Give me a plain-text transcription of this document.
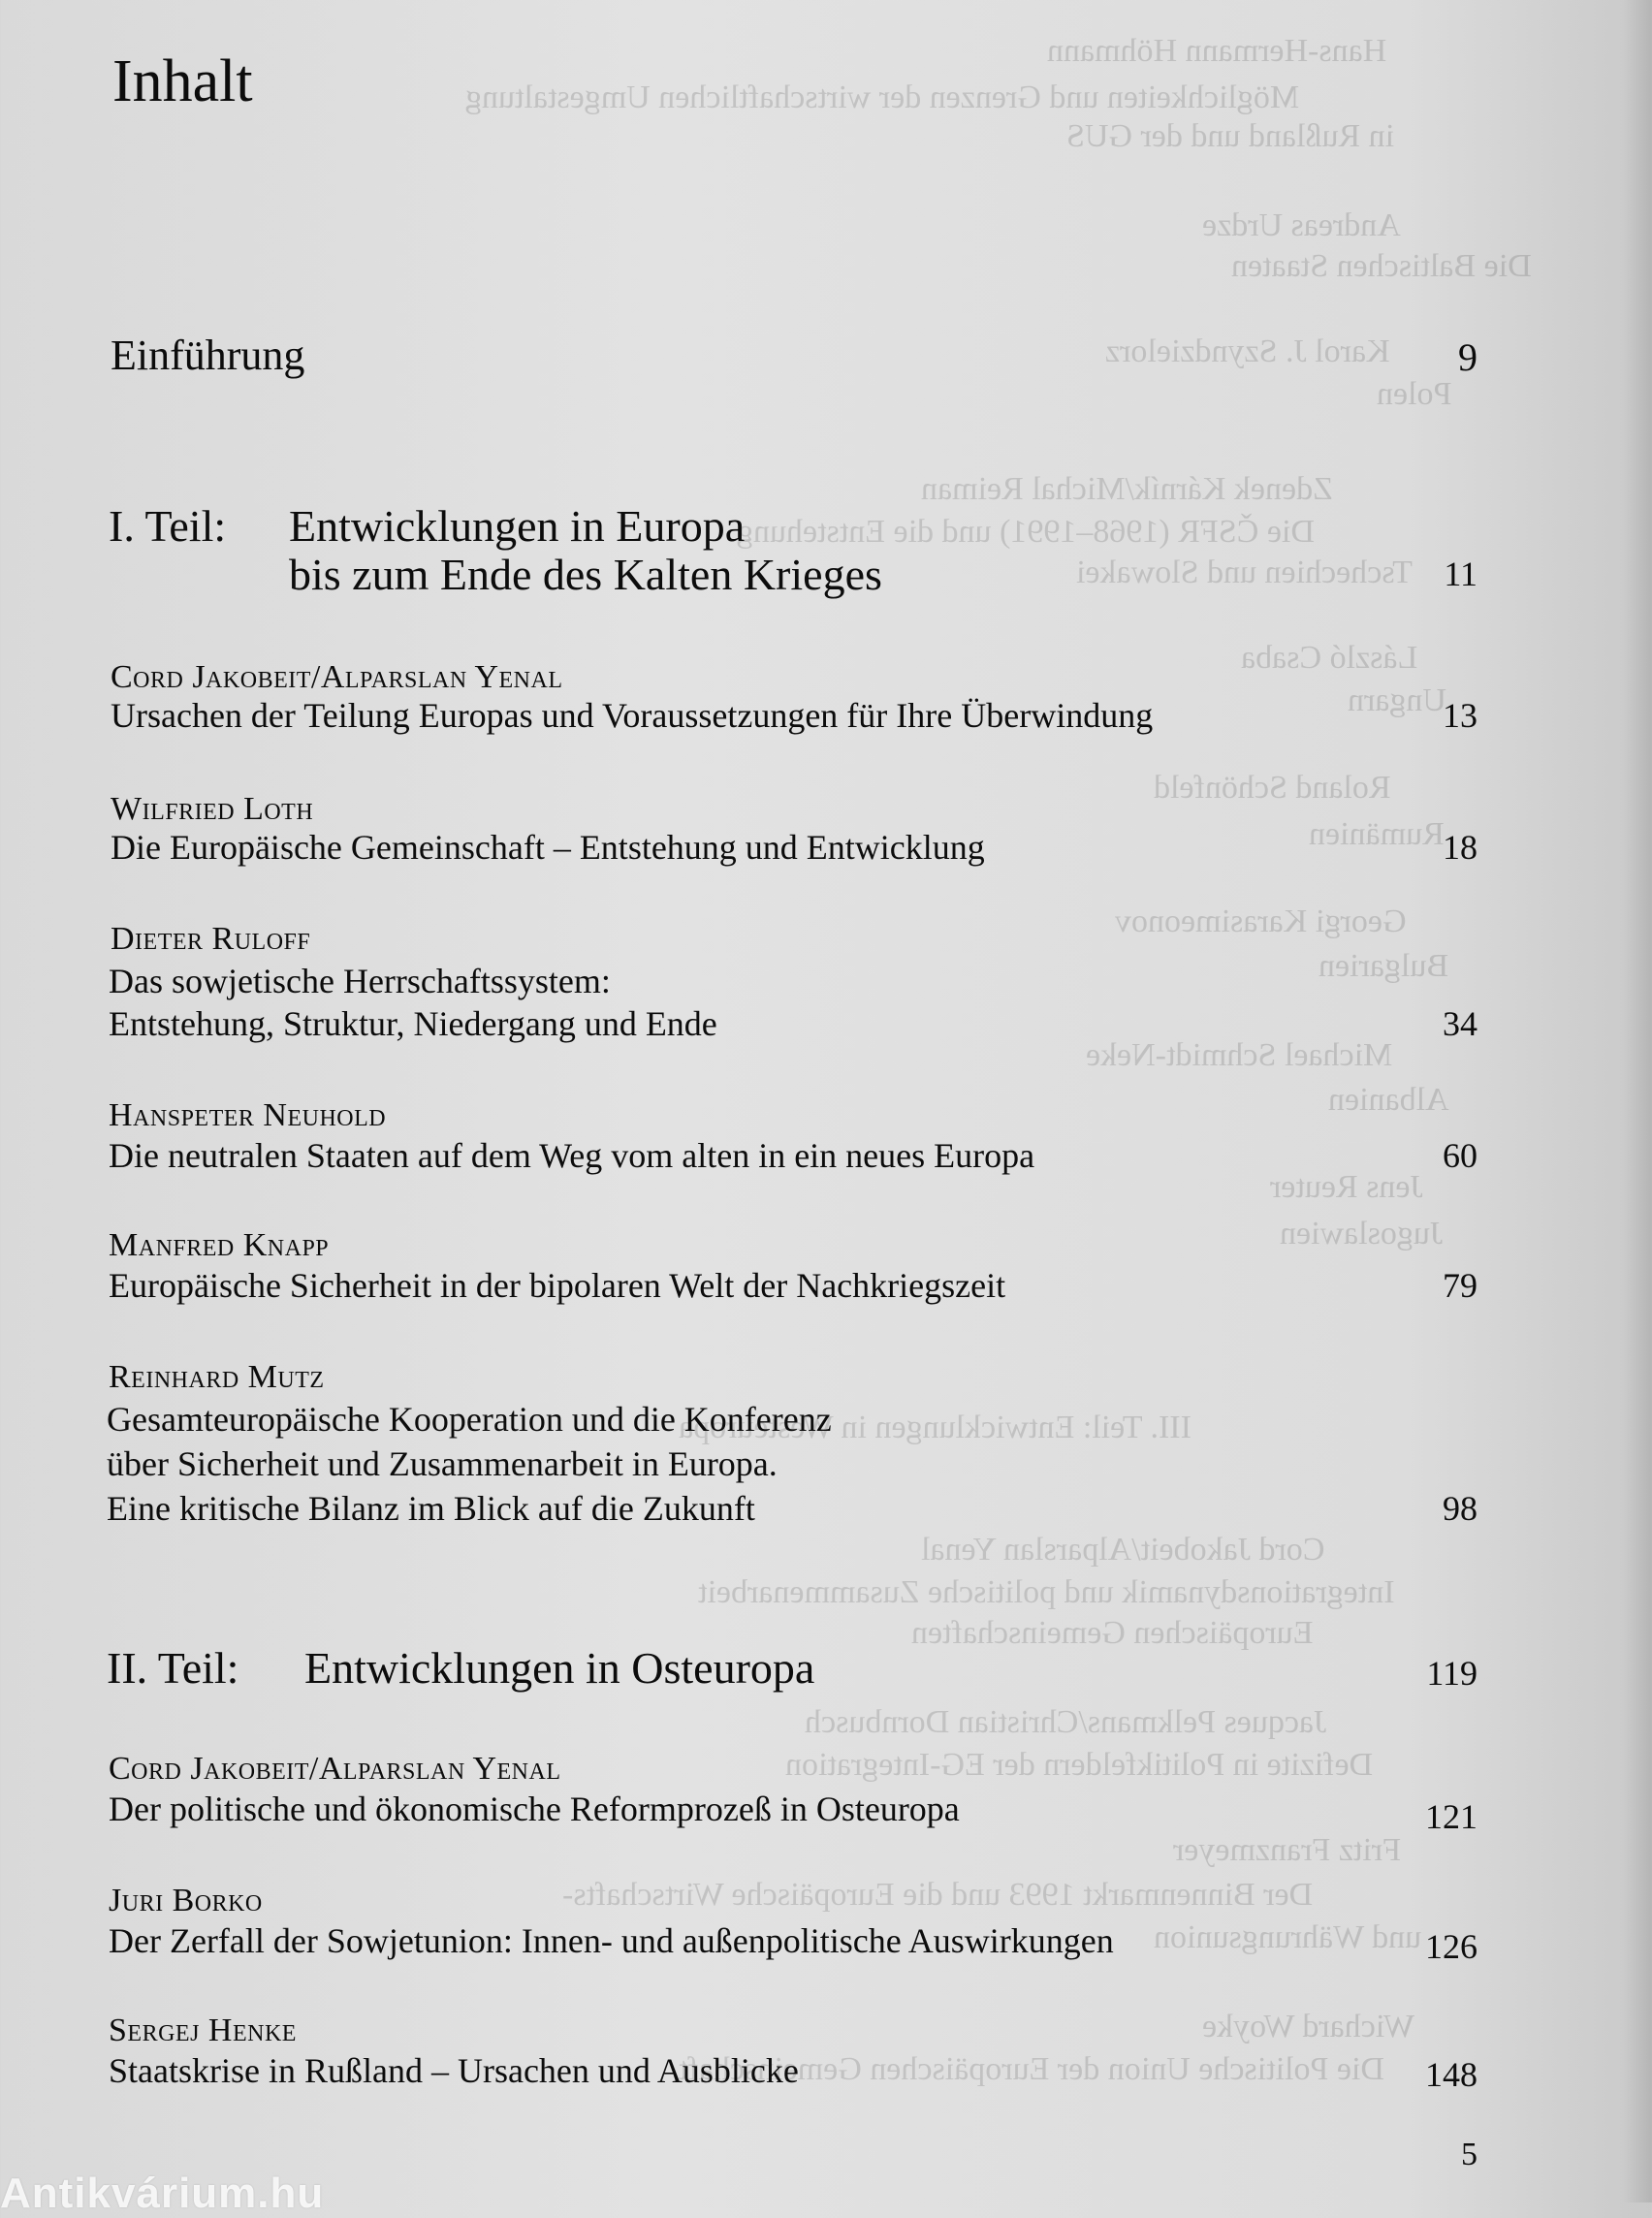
Hans-Hermann Höhmann
Möglichkeiten und Grenzen der wirtschaftlichen Umgestaltung
in Rußland und der GUS
Andreas Urdze
Die Baltischen Staaten
Karol J. Szyndzielorz
Polen
Zdenek Kárník/Michal Reiman
Die ČSFR (1968–1991) und die Entstehung
Tschechien und Slowakei
László Csaba
Ungarn
Roland Schönfeld
Rumänien
Georgi Karasimeonov
Bulgarien
Michael Schmidt-Neke
Albanien
Jens Reuter
Jugoslawien
III. Teil: Entwicklungen in Westeuropa
Cord Jakobeit/Alparslan Yenal
Integrationsdynamik und politische Zusammenarbeit
Europäischen Gemeinschaften
Jacques Pelkmans/Christian Dornbusch
Defizite in Politikfeldern der EG-Integration
Fritz Franzmeyer
Der Binnenmarkt 1993 und die Europäische Wirtschafts-
und Währungsunion
Wichard Woyke
Die Politische Union der Europäischen Gemeinschaft
Inhalt
Einführung	9
I. Teil: Entwicklungen in Europa
bis zum Ende des Kalten Krieges	11
Cord Jakobeit/Alparslan Yenal
Ursachen der Teilung Europas und Voraussetzungen für Ihre Überwindung	13
Wilfried Loth
Die Europäische Gemeinschaft – Entstehung und Entwicklung	18
Dieter Ruloff
Das sowjetische Herrschaftssystem:
Entstehung, Struktur, Niedergang und Ende	34
Hanspeter Neuhold
Die neutralen Staaten auf dem Weg vom alten in ein neues Europa	60
Manfred Knapp
Europäische Sicherheit in der bipolaren Welt der Nachkriegszeit	79
Reinhard Mutz
Gesamteuropäische Kooperation und die Konferenz
über Sicherheit und Zusammenarbeit in Europa.
Eine kritische Bilanz im Blick auf die Zukunft	98
II. Teil: Entwicklungen in Osteuropa	119
Cord Jakobeit/Alparslan Yenal
Der politische und ökonomische Reformprozeß in Osteuropa	121
Juri Borko
Der Zerfall der Sowjetunion: Innen- und außenpolitische Auswirkungen	126
Sergej Henke
Staatskrise in Rußland – Ursachen und Ausblicke	148
5
Antikvárium.hu
